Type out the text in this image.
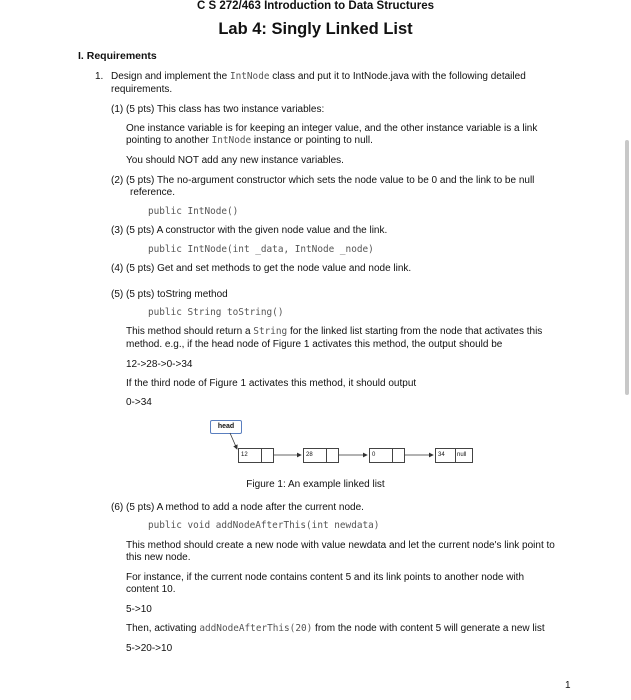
C S 272/463 Introduction to Data Structures
Lab 4: Singly Linked List
I. Requirements
1. Design and implement the IntNode class and put it to IntNode.java with the following detailed
requirements.
(1) (5 pts) This class has two instance variables:
One instance variable is for keeping an integer value, and the other instance variable is a link
pointing to another IntNode instance or pointing to null.
You should NOT add any new instance variables.
(2) (5 pts) The no-argument constructor which sets the node value to be 0 and the link to be null
reference.
public IntNode()
(3) (5 pts) A constructor with the given node value and the link.
public IntNode(int _data, IntNode _node)
(4) (5 pts) Get and set methods to get the node value and node link.
(5) (5 pts) toString method
public String toString()
This method should return a String for the linked list starting from the node that activates this
method. e.g., if the head node of Figure 1 activates this method, the output should be
12->28->0->34
If the third node of Figure 1 activates this method, it should output
0->34
head
12	28	0	34	null
Figure 1: An example linked list
(6) (5 pts) A method to add a node after the current node.
public void addNodeAfterThis(int newdata)
This method should create a new node with value newdata and let the current node's link point to
this new node.
For instance, if the current node contains content 5 and its link points to another node with
content 10.
5->10
Then, activating addNodeAfterThis(20) from the node with content 5 will generate a new list
5->20->10
1
